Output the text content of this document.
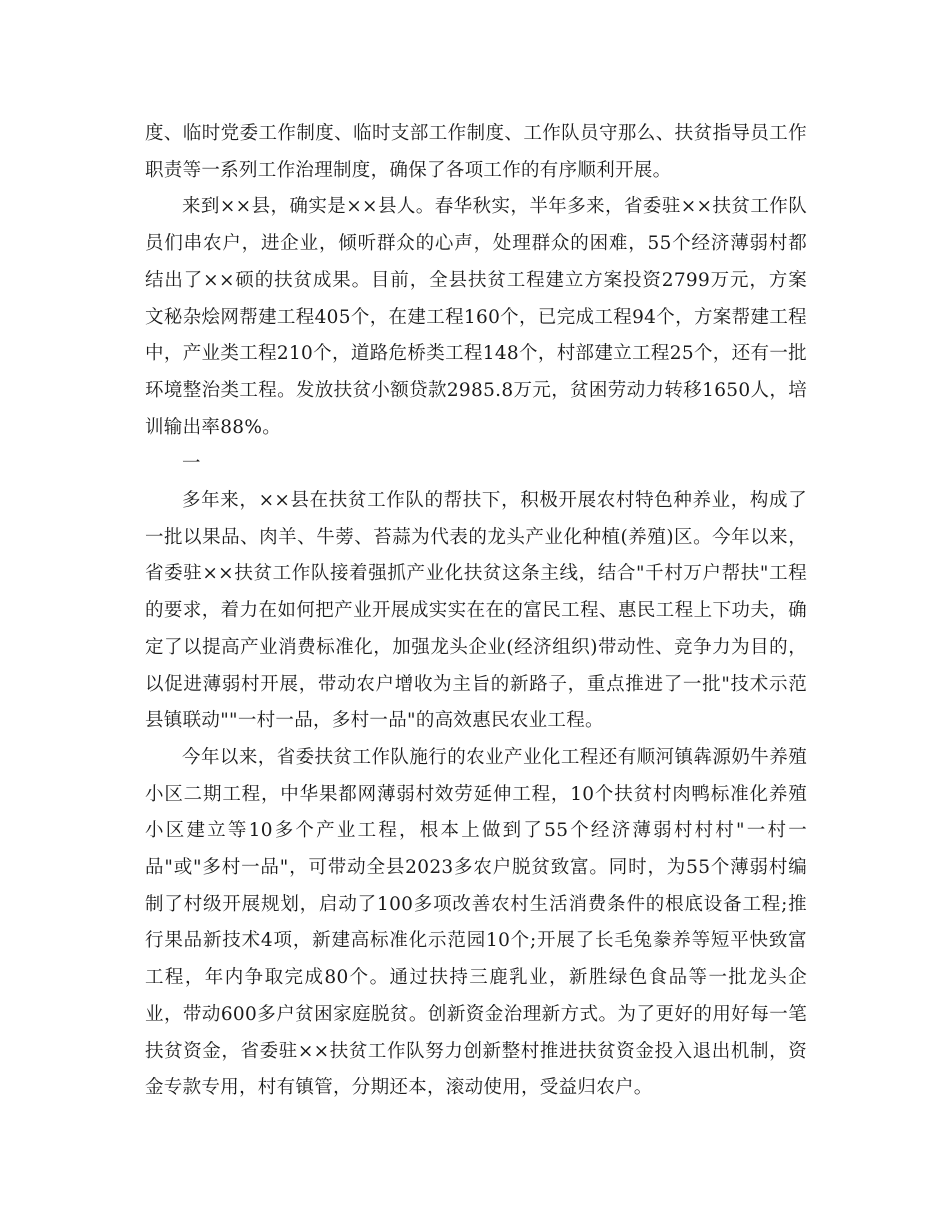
度、临时党委工作制度、临时支部工作制度、工作队员守那么、扶贫指导员工作职责等一系列工作治理制度，确保了各项工作的有序顺利开展。

来到××县，确实是××县人。春华秋实，半年多来，省委驻××扶贫工作队员们串农户，进企业，倾听群众的心声，处理群众的困难，55个经济薄弱村都结出了××硕的扶贫成果。目前，全县扶贫工程建立方案投资2799万元，方案文秘杂烩网帮建工程405个，在建工程160个，已完成工程94个，方案帮建工程中，产业类工程210个，道路危桥类工程148个，村部建立工程25个，还有一批环境整治类工程。发放扶贫小额贷款2985.8万元，贫困劳动力转移1650人，培训输出率88%。

一

多年来，××县在扶贫工作队的帮扶下，积极开展农村特色种养业，构成了一批以果品、肉羊、牛蒡、苔蒜为代表的龙头产业化种植(养殖)区。今年以来，省委驻××扶贫工作队接着强抓产业化扶贫这条主线，结合"千村万户帮扶"工程的要求，着力在如何把产业开展成实实在在的富民工程、惠民工程上下功夫，确定了以提高产业消费标准化，加强龙头企业(经济组织)带动性、竞争力为目的，以促进薄弱村开展，带动农户增收为主旨的新路子，重点推进了一批"技术示范县镇联动""一村一品，多村一品"的高效惠民农业工程。

今年以来，省委扶贫工作队施行的农业产业化工程还有顺河镇犇源奶牛养殖小区二期工程，中华果都网薄弱村效劳延伸工程，10个扶贫村肉鸭标准化养殖小区建立等10多个产业工程，根本上做到了55个经济薄弱村村村"一村一品"或"多村一品"，可带动全县2023多农户脱贫致富。同时，为55个薄弱村编制了村级开展规划，启动了100多项改善农村生活消费条件的根底设备工程;推行果品新技术4项，新建高标准化示范园10个;开展了长毛兔豢养等短平快致富工程，年内争取完成80个。通过扶持三鹿乳业，新胜绿色食品等一批龙头企业，带动600多户贫困家庭脱贫。创新资金治理新方式。为了更好的用好每一笔扶贫资金，省委驻××扶贫工作队努力创新整村推进扶贫资金投入退出机制，资金专款专用，村有镇管，分期还本，滚动使用，受益归农户。
